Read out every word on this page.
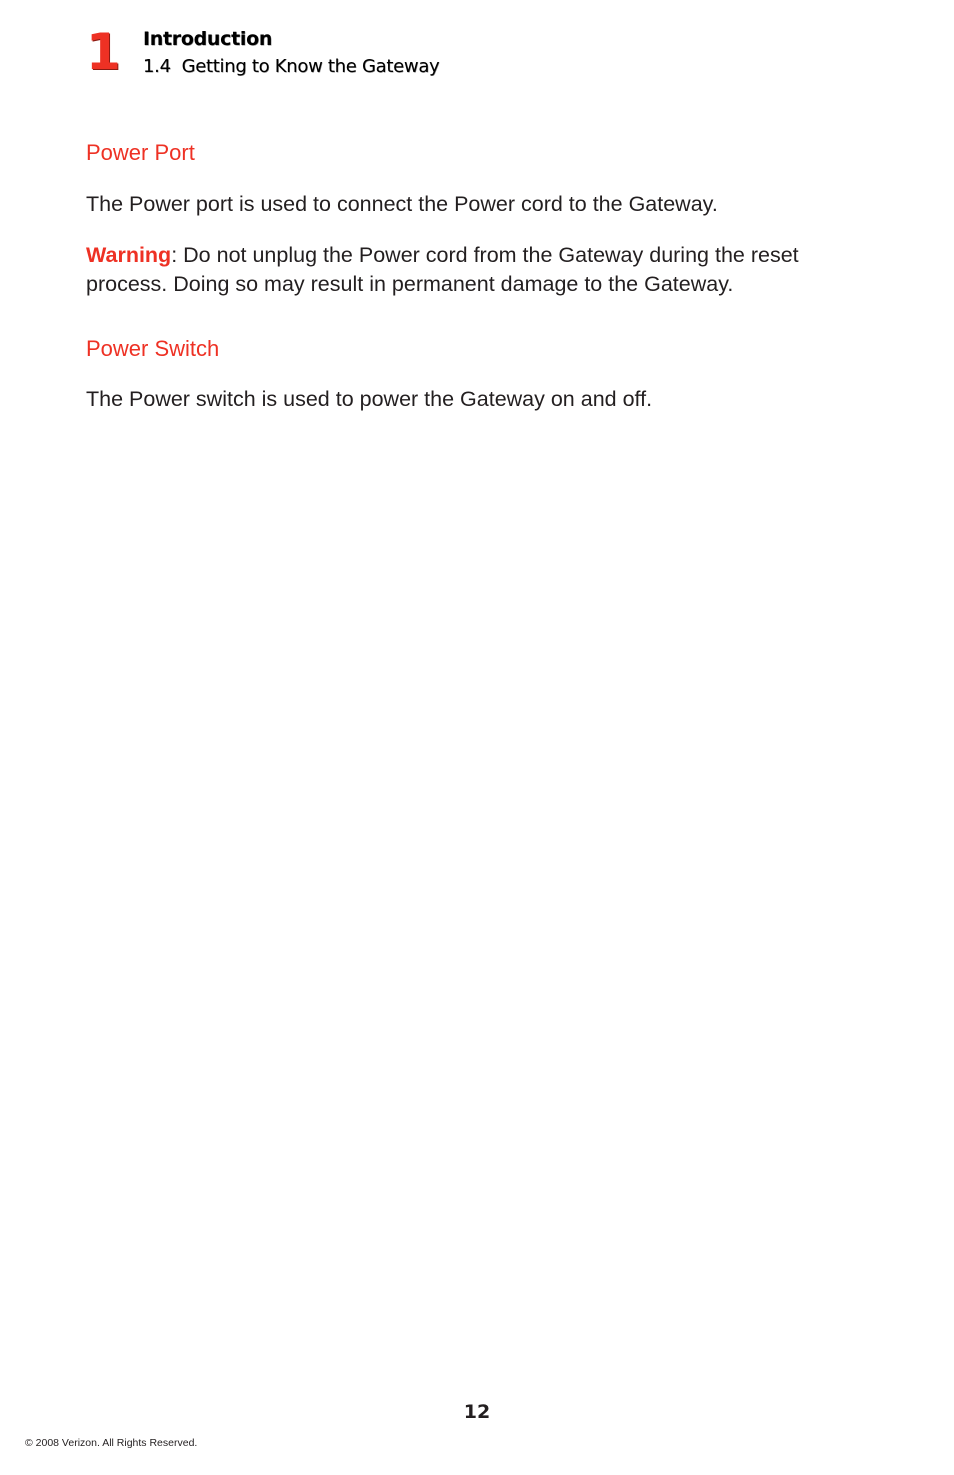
1 Introduction
1.4  Getting to Know the Gateway
Power Port
The Power port is used to connect the Power cord to the Gateway.
Warning: Do not unplug the Power cord from the Gateway during the reset process. Doing so may result in permanent damage to the Gateway.
Power Switch
The Power switch is used to power the Gateway on and off.
12
© 2008 Verizon. All Rights Reserved.
